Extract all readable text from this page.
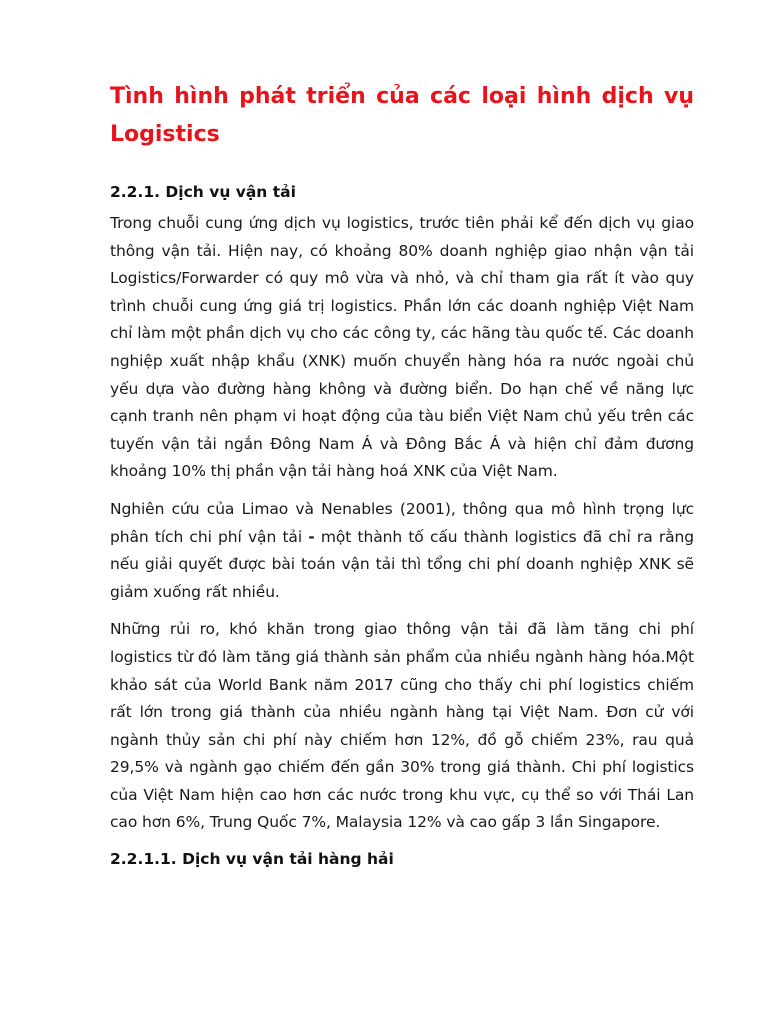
Tình hình phát triển của các loại hình dịch vụ Logistics
2.2.1. Dịch vụ vận tải

Trong chuỗi cung ứng dịch vụ logistics, trước tiên phải kể đến dịch vụ giao thông vận tải. Hiện nay, có khoảng 80% doanh nghiệp giao nhận vận tải Logistics/Forwarder có quy mô vừa và nhỏ, và chỉ tham gia rất ít vào quy trình chuỗi cung ứng giá trị logistics. Phần lớn các doanh nghiệp Việt Nam chỉ làm một phần dịch vụ cho các công ty, các hãng tàu quốc tế. Các doanh nghiệp xuất nhập khẩu (XNK) muốn chuyển hàng hóa ra nước ngoài chủ yếu dựa vào đường hàng không và đường biển. Do hạn chế về năng lực cạnh tranh nên phạm vi hoạt động của tàu biển Việt Nam chủ yếu trên các tuyến vận tải ngắn Đông Nam Á và Đông Bắc Á và hiện chỉ đảm đương khoảng 10% thị phần vận tải hàng hoá XNK của Việt Nam.

Nghiên cứu của Limao và Nenables (2001), thông qua mô hình trọng lực phân tích chi phí vận tải - một thành tố cấu thành logistics đã chỉ ra rằng nếu giải quyết được bài toán vận tải thì tổng chi phí doanh nghiệp XNK sẽ giảm xuống rất nhiều.

Những rủi ro, khó khăn trong giao thông vận tải đã làm tăng chi phí logistics từ đó làm tăng giá thành sản phẩm của nhiều ngành hàng hóa.Một khảo sát của World Bank năm 2017 cũng cho thấy chi phí logistics chiếm rất lớn trong giá thành của nhiều ngành hàng tại Việt Nam. Đơn cử với ngành thủy sản chi phí này chiếm hơn 12%, đồ gỗ chiếm 23%, rau quả 29,5% và ngành gạo chiếm đến gần 30% trong giá thành. Chi phí logistics của Việt Nam hiện cao hơn các nước trong khu vực, cụ thể so với Thái Lan cao hơn 6%, Trung Quốc 7%, Malaysia 12% và cao gấp 3 lần Singapore.

2.2.1.1. Dịch vụ vận tải hàng hải
